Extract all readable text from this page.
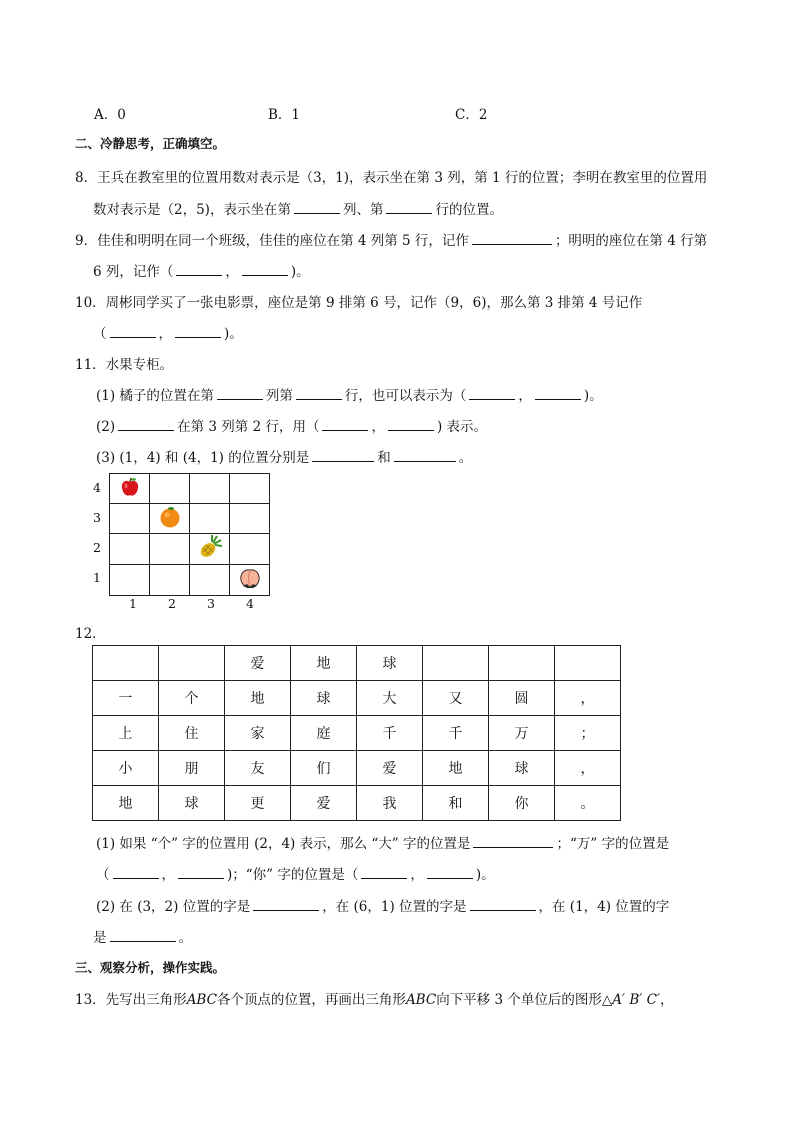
A．0	B．1	C．2
二、冷静思考，正确填空。
8．王兵在教室里的位置用数对表示是（3，1)，表示坐在第 3 列，第 1 行的位置；李明在教室里的位置用
数对表示是（2，5)，表示坐在第	列、第	行的位置。
9．佳佳和明明在同一个班级，佳佳的座位在第 4 列第 5 行，记作	；明明的座位在第 4 行第
6 列，记作（	，	)。
10．周彬同学买了一张电影票，座位是第 9 排第 6 号，记作（9，6)，那么第 3 排第 4 号记作
（	，	)。
11．水果专柜。
(1) 橘子的位置在第	列第	行，也可以表示为（	，	)。
(2)	在第 3 列第 2 行，用（	，	) 表示。
(3) (1，4) 和 (4，1) 的位置分别是	和	。
4
3
2
1

1 2 3 4
12．
		爱	地	球			
一	个	地	球	大	又	圆	，
上	住	家	庭	千	千	万	；
小	朋	友	们	爱	地	球	，
地	球	更	爱	我	和	你	。
(1) 如果 “个” 字的位置用 (2，4) 表示，那么 “大” 字的位置是	；“万” 字的位置是
（	，	)；“你” 字的位置是（	，	)。
(2) 在 (3，2) 位置的字是	，在 (6，1) 位置的字是	，在 (1，4) 位置的字
是	。
三、观察分析，操作实践。
13．先写出三角形ABC各个顶点的位置，再画出三角形ABC向下平移 3 个单位后的图形△A′ B′ C′，
